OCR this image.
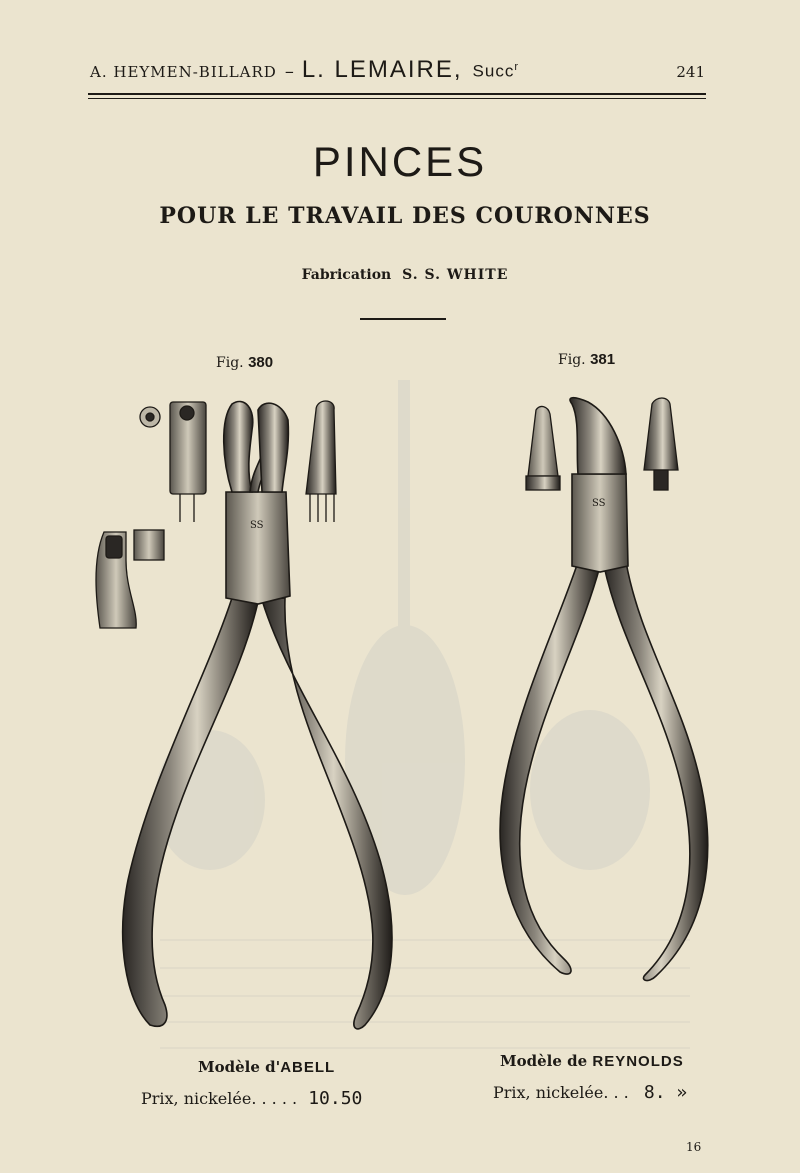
A. HEYMEN-BILLARD – L. LEMAIRE, Succ$^r$	241
PINCES
POUR LE TRAVAIL DES COURONNES
Fabrication S. S. WHITE
Fig. 380	Fig. 381
SS
SS
Modèle d'ABELL
Prix, nickelée. . . . . 10.50
Modèle de REYNOLDS
Prix, nickelée. . . 8. »
16
